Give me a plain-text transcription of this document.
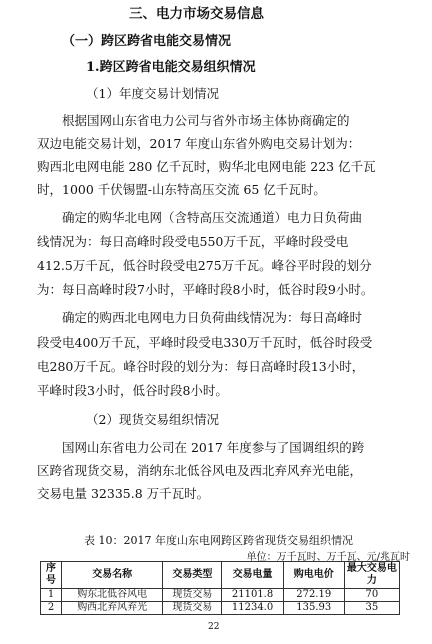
三、电力市场交易信息
（一）跨区跨省电能交易情况
1.跨区跨省电能交易组织情况
（1）年度交易计划情况
根据国网山东省电力公司与省外市场主体协商确定的
双边电能交易计划，2017 年度山东省外购电交易计划为：
购西北电网电能 280 亿千瓦时，购华北电网电能 223 亿千瓦
时，1000 千伏锡盟-山东特高压交流 65 亿千瓦时。
确定的购华北电网（含特高压交流通道）电力日负荷曲
线情况为：每日高峰时段受电550万千瓦，平峰时段受电
412.5万千瓦，低谷时段受电275万千瓦。峰谷平时段的划分
为：每日高峰时段7小时，平峰时段8小时，低谷时段9小时。
确定的购西北电网电力日负荷曲线情况为：每日高峰时
段受电400万千瓦，平峰时段受电330万千瓦时，低谷时段受
电280万千瓦。峰谷时段的划分为：每日高峰时段13小时，
平峰时段3小时，低谷时段8小时。
（2）现货交易组织情况
国网山东省电力公司在 2017 年度参与了国调组织的跨
区跨省现货交易，消纳东北低谷风电及西北弃风弃光电能，
交易电量 32335.8 万千瓦时。
表 10：2017 年度山东电网跨区跨省现货交易组织情况
单位：万千瓦时、万千瓦、元/兆瓦时
序号	交易名称	交易类型	交易电量	购电电价	最大交易电力
1	购东北低谷风电	现货交易	21101.8	272.19	70
2	购西北弃风弃光	现货交易	11234.0	135.93	35
22
